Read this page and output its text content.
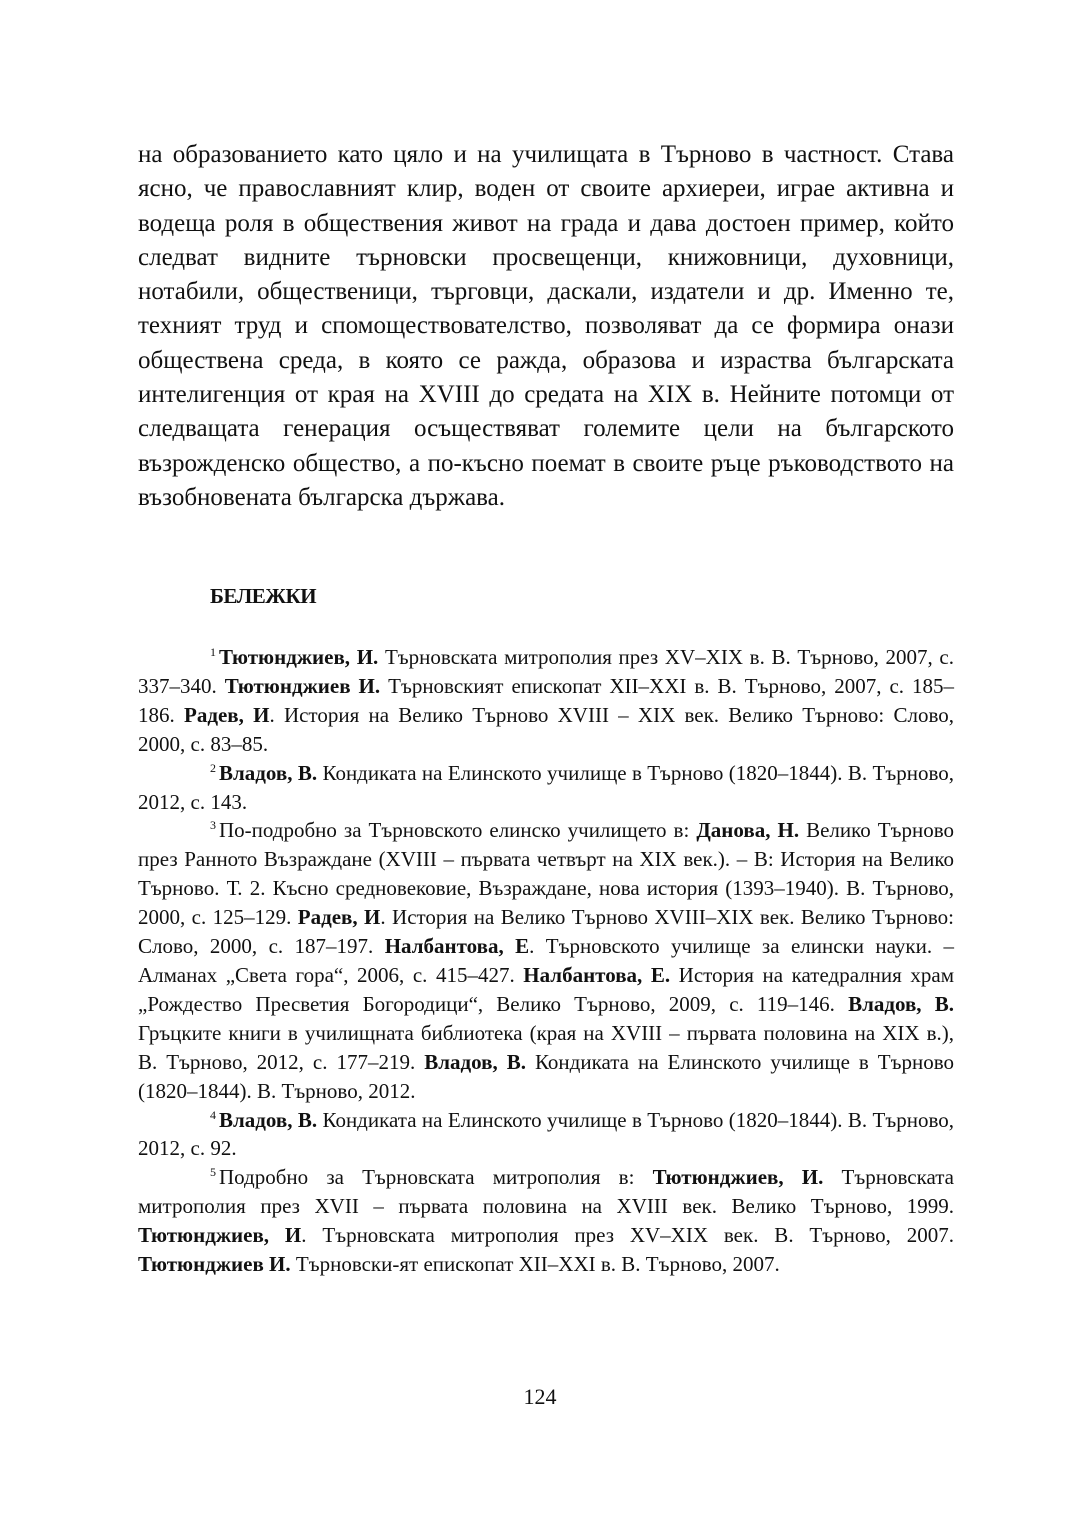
на образованието като цяло и на училищата в Търново в частност. Става ясно, че православният клир, воден от своите архиереи, играе активна и водеща роля в обществения живот на града и дава достоен пример, който следват видните търновски просвещенци, книжовници, духовници, нотабили, общественици, търговци, даскали, издатели и др. Именно те, техният труд и спомоществователство, позволяват да се формира онази обществена среда, в която се ражда, образова и израства българската интелигенция от края на XVIII до средата на XIX в. Нейните потомци от следващата генерация осъществяват големите цели на българското възрожденско общество, а по-късно поемат в своите ръце ръководството на възобновената българска държава.

БЕЛЕЖКИ

$^1$ Тютюнджиев, И. Търновската митрополия през XV–XIX в. В. Търново, 2007, с. 337–340. Тютюнджиев И. Търновският епископат XII–XXI в. В. Търново, 2007, с. 185–186. Радев, И. История на Велико Търново XVIII – XIX век. Велико Търново: Слово, 2000, с. 83–85.

$^2$ Владов, В. Кондиката на Елинското училище в Търново (1820–1844). В. Търново, 2012, с. 143.

$^3$ По-подробно за Търновското елинско училището в: Данова, Н. Велико Търново през Ранното Възраждане (XVIII – първата четвърт на XIX век.). – В: История на Велико Търново. Т. 2. Късно средновековие, Възраждане, нова история (1393–1940). В. Търново, 2000, с. 125–129. Радев, И. История на Велико Търново XVIII–XIX век. Велико Търново: Слово, 2000, с. 187–197. Налбантова, Е. Търновското училище за елински науки. – Алманах „Света гора“, 2006, с. 415–427. Налбантова, Е. История на катедралния храм „Рождество Пресветия Богородици“, Велико Търново, 2009, с. 119–146. Владов, В. Гръцките книги в училищната библиотека (края на XVIII – първата половина на XIX в.), В. Търново, 2012, с. 177–219. Владов, В. Кондиката на Елинското училище в Търново (1820–1844). В. Търново, 2012.

$^4$ Владов, В. Кондиката на Елинското училище в Търново (1820–1844). В. Търново, 2012, с. 92.

$^5$ Подробно за Търновската митрополия в: Тютюнджиев, И. Търновската митрополия през XVII – първата половина на XVIII век. Велико Търново, 1999. Тютюнджиев, И. Търновската митрополия през XV–XIX век. В. Търново, 2007. Тютюнджиев И. Търновски-ят епископат XII–XXI в. В. Търново, 2007.

124
